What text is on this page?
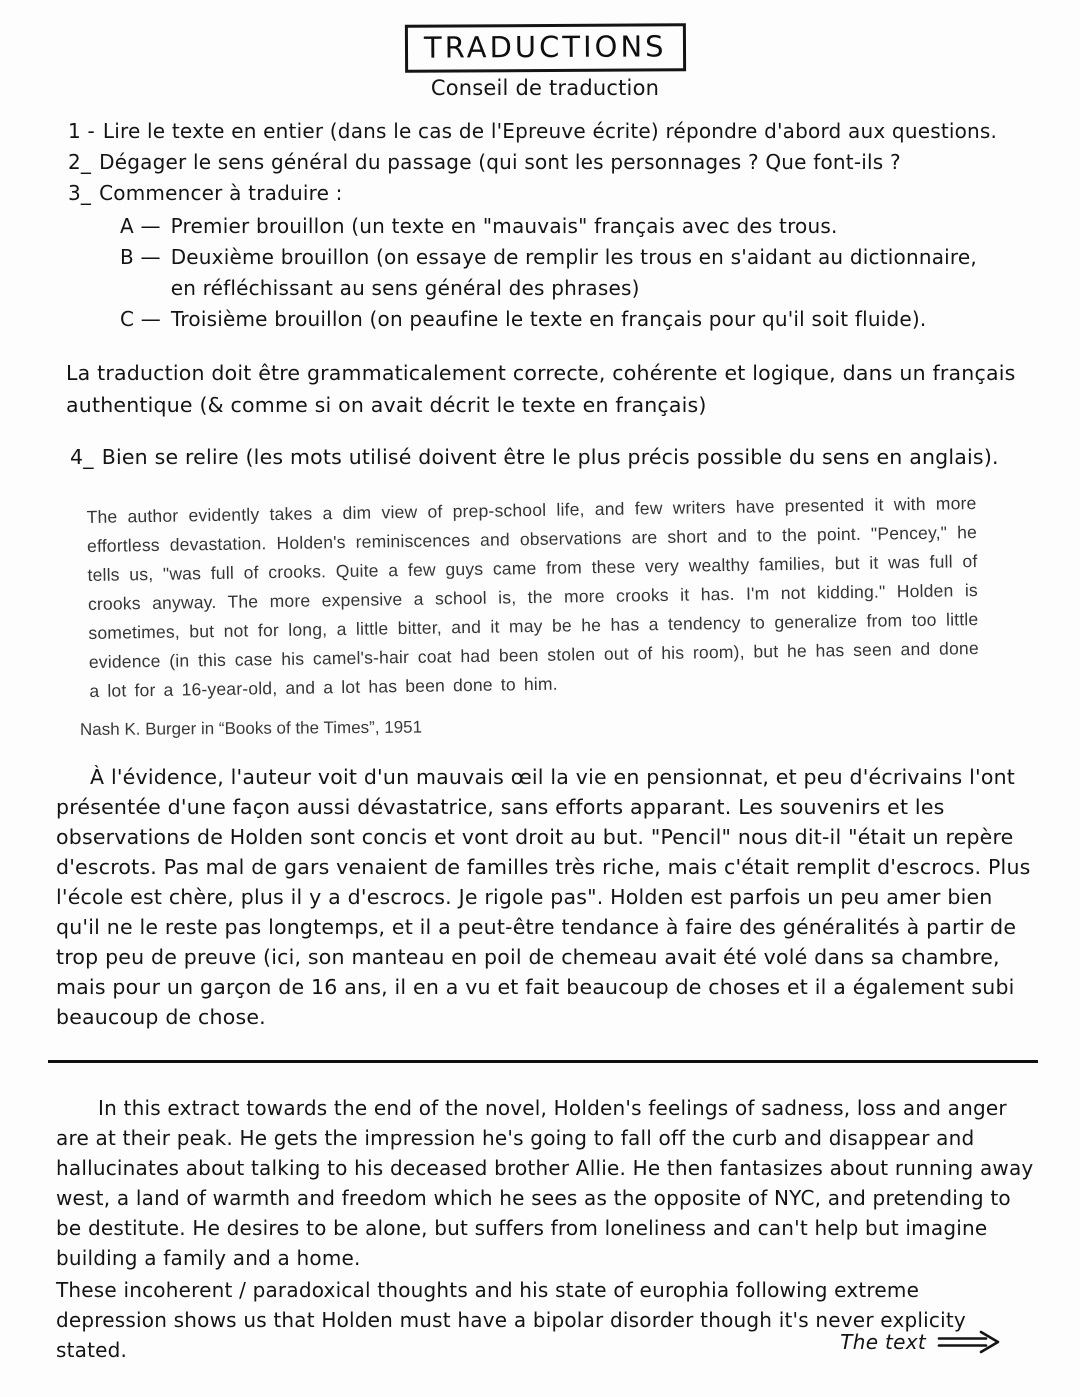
TRADUCTIONS
Conseil de traduction
1 - Lire le texte en entier (dans le cas de l'Epreuve écrite) répondre d'abord aux questions.
2_ Dégager le sens général du passage (qui sont les personnages ? Que font-ils ?
3_ Commencer à traduire :
A — Premier brouillon (un texte en "mauvais" français avec des trous.
B — Deuxième brouillon (on essaye de remplir les trous en s'aidant au dictionnaire, en réfléchissant au sens général des phrases)
C — Troisième brouillon (on peaufine le texte en français pour qu'il soit fluide).

La traduction doit être grammaticalement correcte, cohérente et logique, dans un français authentique (& comme si on avait décrit le texte en français)

4_ Bien se relire (les mots utilisé doivent être le plus précis possible du sens en anglais).

The author evidently takes a dim view of prep-school life, and few writers have presented it with more effortless devastation. Holden's reminiscences and observations are short and to the point. "Pencey," he tells us, "was full of crooks. Quite a few guys came from these very wealthy families, but it was full of crooks anyway. The more expensive a school is, the more crooks it has. I'm not kidding." Holden is sometimes, but not for long, a little bitter, and it may be he has a tendency to generalize from too little evidence (in this case his camel's-hair coat had been stolen out of his room), but he has seen and done a lot for a 16-year-old, and a lot has been done to him.

Nash K. Burger in “Books of the Times”, 1951

À l'évidence, l'auteur voit d'un mauvais œil la vie en pensionnat, et peu d'écrivains l'ont présentée d'une façon aussi dévastatrice, sans efforts apparant. Les souvenirs et les observations de Holden sont concis et vont droit au but. "Pencil" nous dit-il "était un repère d'escrots. Pas mal de gars venaient de familles très riche, mais c'était remplit d'escrocs. Plus l'école est chère, plus il y a d'escrocs. Je rigole pas". Holden est parfois un peu amer bien qu'il ne le reste pas longtemps, et il a peut-être tendance à faire des généralités à partir de trop peu de preuve (ici, son manteau en poil de chemeau avait été volé dans sa chambre, mais pour un garçon de 16 ans, il en a vu et fait beaucoup de choses et il a également subi beaucoup de chose.

In this extract towards the end of the novel, Holden's feelings of sadness, loss and anger are at their peak. He gets the impression he's going to fall off the curb and disappear and hallucinates about talking to his deceased brother Allie. He then fantasizes about running away west, a land of warmth and freedom which he sees as the opposite of NYC, and pretending to be destitute. He desires to be alone, but suffers from loneliness and can't help but imagine building a family and a home.

These incoherent / paradoxical thoughts and his state of europhia following extreme depression shows us that Holden must have a bipolar disorder though it's never explicity stated.	The text
